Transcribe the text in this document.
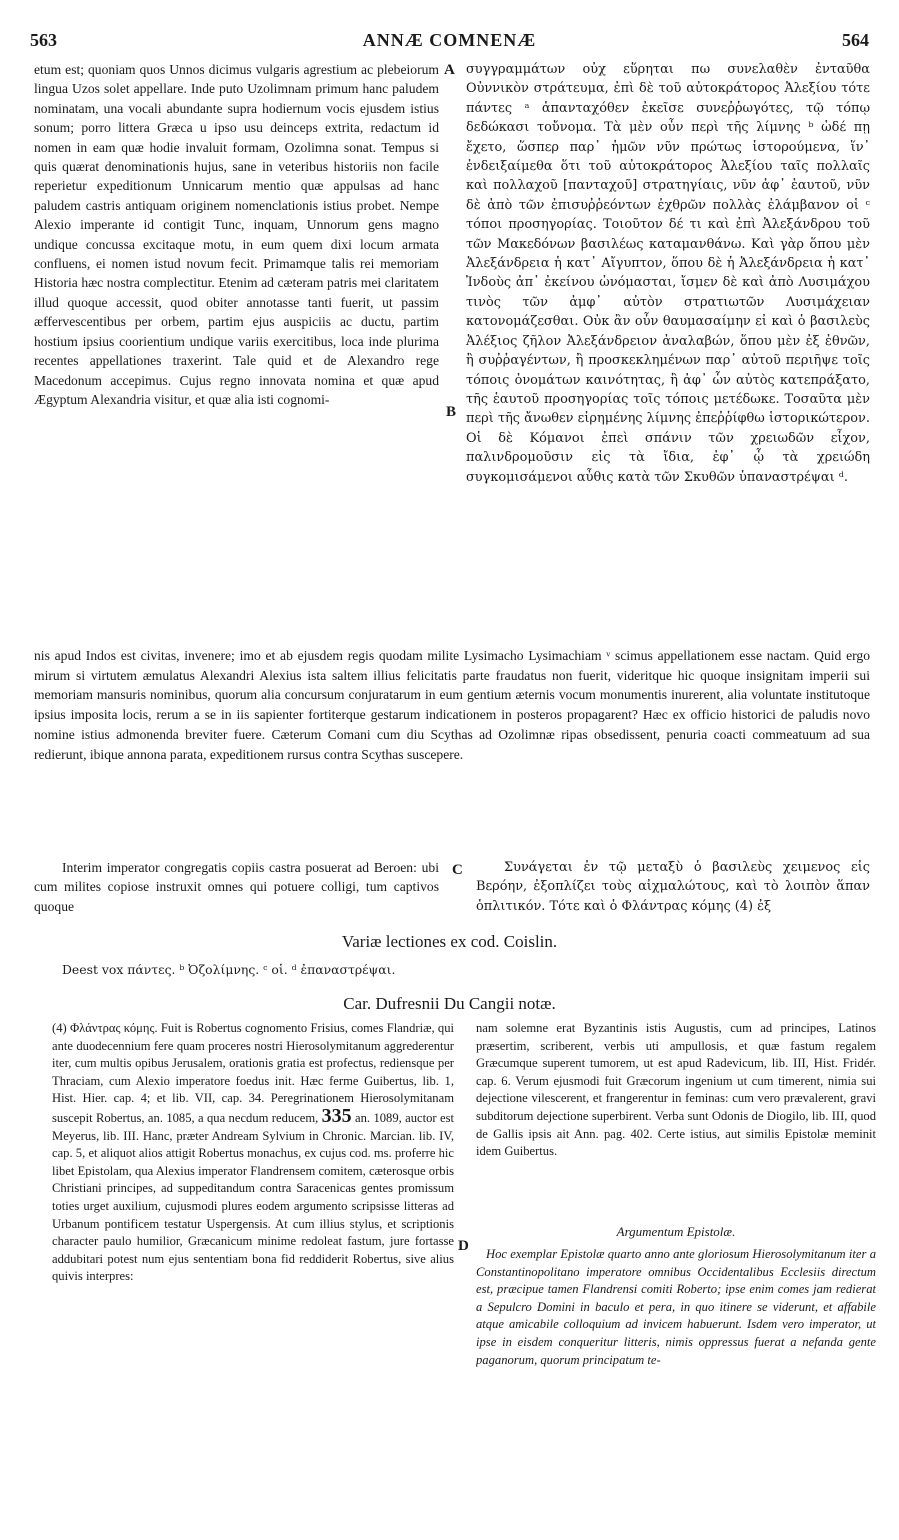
563	ANNÆ COMNENÆ	564

etum est; quoniam quos Unnos dicimus vulgaris agrestium ac plebeiorum lingua Uzos solet appellare. Inde puto Uzolimnam primum hanc paludem nominatam, una vocali abundante supra hodiernum vocis ejusdem istius sonum; porro littera Græca u ipso usu deinceps extrita, redactum id nomen in eam quæ hodie invaluit formam, Ozolimna sonat. Tempus si quis quærat denominationis hujus, sane in veteribus historiis non facile reperietur expeditionum Unnicarum mentio quæ appulsas ad hanc paludem castris antiquam originem nomenclationis istius probet. Nempe Alexio imperante id contigit Tunc, inquam, Unnorum gens magno undique concussa excitaque motu, in eum quem dixi locum armata confluens, ei nomen istud novum fecit. Primamque talis rei memoriam Historia hæc nostra complectitur. Etenim ad cæteram patris mei claritatem illud quoque accessit, quod obiter annotasse tanti fuerit, ut passim æffervescentibus per orbem, partim ejus auspiciis ac ductu, partim hostium ipsius coorientium undique variis exercitibus, loca inde plurima recentes appellationes traxerint. Tale quid et de Alexandro rege Macedonum accepimus. Cujus regno innovata nomina et quæ apud Ægyptum Alexandria visitur, et quæ alia isti cognomi-

A
B

συγγραμμάτων οὐχ εὕρηται πω συνελαθὲν ἐνταῦθα Οὐννικὸν στράτευμα, ἐπὶ δὲ τοῦ αὐτοκράτορος Ἀλεξίου τότε πάντες ᵃ ἁπανταχόθεν ἐκεῖσε συνεῤῥωγότες, τῷ τόπῳ δεδώκασι τοὔνομα. Τὰ μὲν οὖν περὶ τῆς λίμνης ᵇ ὡδέ πῃ ἔχετο, ὥσπερ παρ᾽ ἡμῶν νῦν πρώτως ἱστορούμενα, ἵν᾽ ἐνδειξαίμεθα ὅτι τοῦ αὐτοκράτορος Ἀλεξίου ταῖς πολλαῖς καὶ πολλαχοῦ [πανταχοῦ] στρατηγίαις, νῦν ἀφ᾽ ἑαυτοῦ, νῦν δὲ ἀπὸ τῶν ἐπισυῤῥεόντων ἐχθρῶν πολλὰς ἐλάμβανον οἱ ᶜ τόποι προσηγορίας. Τοιοῦτον δέ τι καὶ ἐπὶ Ἀλεξάνδρου τοῦ τῶν Μακεδόνων βασιλέως καταμανθάνω. Καὶ γὰρ ὅπου μὲν Ἀλεξάνδρεια ἡ κατ᾽ Αἴγυπτον, ὅπου δὲ ἡ Ἀλεξάνδρεια ἡ κατ᾽ Ἰνδοὺς ἀπ᾽ ἐκείνου ὠνόμασται, ἴσμεν δὲ καὶ ἀπὸ Λυσιμάχου τινὸς τῶν ἀμφ᾽ αὐτὸν στρατιωτῶν Λυσιμάχειαν κατονομάζεσθαι. Οὐκ ἂν οὖν θαυμασαίμην εἰ καὶ ὁ βασιλεὺς Ἀλέξιος ζῆλον Ἀλεξάνδρειον ἀναλαβών, ὅπου μὲν ἐξ ἐθνῶν, ἢ συῤῥαγέντων, ἢ προσκεκλημένων παρ᾽ αὐτοῦ περιῆψε τοῖς τόποις ὀνομάτων καινότητας, ἢ ἀφ᾽ ὧν αὐτὸς κατεπράξατο, τῆς ἑαυτοῦ προσηγορίας τοῖς τόποις μετέδωκε. Τοσαῦτα μὲν περὶ τῆς ἄνωθεν εἰρημένης λίμνης ἐπεῤῥίφθω ἱστορικώτερον. Οἱ δὲ Κόμανοι ἐπεὶ σπάνιν τῶν χρειωδῶν εἶχον, παλινδρομοῦσιν εἰς τὰ ἴδια, ἐφ᾽ ᾧ τὰ χρειώδη συγκομισάμενοι αὖθις κατὰ τῶν Σκυθῶν ὑπαναστρέψαι ᵈ.

nis apud Indos est civitas, invenere; imo et ab ejusdem regis quodam milite Lysimacho Lysimachiam ᵛ scimus appellationem esse nactam. Quid ergo mirum si virtutem æmulatus Alexandri Alexius ista saltem illius felicitatis parte fraudatus non fuerit, videritque hic quoque insignitam imperii sui memoriam mansuris nominibus, quorum alia concursum conjuratarum in eum gentium æternis vocum monumentis inurerent, alia voluntate institutoque ipsius imposita locis, rerum a se in iis sapienter fortiterque gestarum indicationem in posteros propagarent? Hæc ex officio historici de paludis novo nomine istius admonenda breviter fuere. Cæterum Comani cum diu Scythas ad Ozolimnæ ripas obsedissent, penuria coacti commeatuum ad sua redierunt, ibique annona parata, expeditionem rursus contra Scythas suscepere.

Interim imperator congregatis copiis castra posuerat ad Beroen: ubi cum milites copiose instruxit omnes qui potuere colligi, tum captivos quoque

C	Συνάγεται ἐν τῷ μεταξὺ ὁ βασιλεὺς χειμενος εἰς Βερόην, ἐξοπλίζει τοὺς αἰχμαλώτους, καὶ τὸ λοιπὸν ἅπαν ὁπλιτικόν. Τότε καὶ ὁ Φλάντρας κόμης (4) ἐξ

Variæ lectiones ex cod. Coislin.
Deest vox πάντες. ᵇ Ὀζολίμνης. ᶜ οἱ. ᵈ ἐπαναστρέψαι.
Car. Dufresnii Du Cangii notæ.

(4) Φλάντρας κόμης. Fuit is Robertus cognomento Frisius, comes Flandriæ, qui ante duodecennium fere quam proceres nostri Hierosolymitanum aggrederentur iter, cum multis opibus Jerusalem, orationis gratia est profectus, rediensque per Thraciam, cum Alexio imperatore foedus init. Hæc ferme Guibertus, lib. 1, Hist. Hier. cap. 4; et lib. VII, cap. 34. Peregrinationem Hierosolymitanam suscepit Robertus, an. 1085, a qua necdum reducem, 335 an. 1089, auctor est Meyerus, lib. III. Hanc, præter Andream Sylvium in Chronic. Marcian. lib. IV, cap. 5, et aliquot alios attigit Robertus monachus, ex cujus cod. ms. proferre hic libet Epistolam, qua Alexius imperator Flandrensem comitem, cæterosque orbis Christiani principes, ad suppeditandum contra Saracenicas gentes promissum toties urget auxilium, cujusmodi plures eodem argumento scripsisse litteras ad Urbanum pontificem testatur Uspergensis. At cum illius stylus, et scriptionis character paulo humilior, Græcanicum minime redoleat fastum, jure fortasse addubitari potest num ejus sententiam bona fid reddiderit Robertus, sive alius quivis interpres:

D

nam solemne erat Byzantinis istis Augustis, cum ad principes, Latinos præsertim, scriberent, verbis uti ampullosis, et quæ fastum regalem Græcumque superent tumorem, ut est apud Radevicum, lib. III, Hist. Fridér. cap. 6. Verum ejusmodi fuit Græcorum ingenium ut cum timerent, nimia sui dejectione vilescerent, et frangerentur in feminas: cum vero prævalerent, gravi subditorum dejectione superbirent. Verba sunt Odonis de Diogilo, lib. III, quod de Gallis ipsis ait Ann. pag. 402. Certe istius, aut similis Epistolæ meminit idem Guibertus.

Argumentum Epistolæ.

Hoc exemplar Epistolæ quarto anno ante gloriosum Hierosolymitanum iter a Constantinopolitano imperatore omnibus Occidentalibus Ecclesiis directum est, præcipue tamen Flandrensi comiti Roberto; ipse enim comes jam redierat a Sepulcro Domini in baculo et pera, in quo itinere se viderunt, et affabile atque amicabile colloquium ad invicem habuerunt. Isdem vero imperator, ut ipse in eisdem conqueritur litteris, nimis oppressus fuerat a nefanda gente paganorum, quorum principatum te-
